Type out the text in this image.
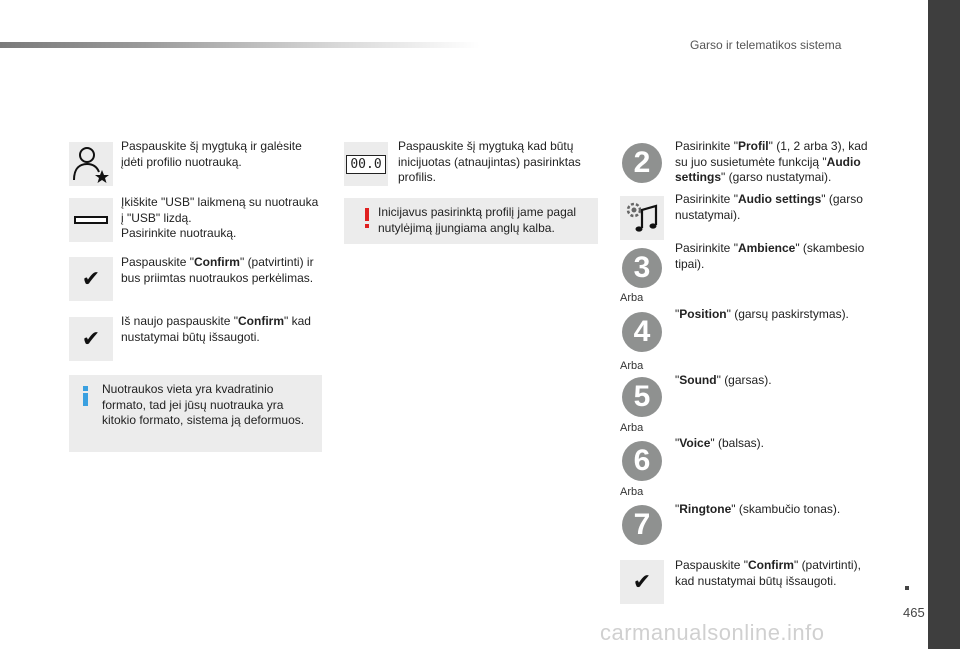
Garso ir telematikos sistema
465
Paspauskite šį mygtuką ir galėsite
įdėti profilio nuotrauką.
Įkiškite "USB" laikmeną su nuotrauka
į "USB" lizdą.
Pasirinkite nuotrauką.
✔
Paspauskite "Confirm" (patvirtinti) ir
bus priimtas nuotraukos perkėlimas.
✔
Iš naujo paspauskite "Confirm" kad
nustatymai būtų išsaugoti.
Nuotraukos vieta yra kvadratinio
formato, tad jei jūsų nuotrauka yra
kitokio formato, sistema ją deformuos.
00.0
Paspauskite šį mygtuką kad būtų
inicijuotas (atnaujintas) pasirinktas
profilis.
Inicijavus pasirinktą profilį jame pagal
nutylėjimą įjungiama anglų kalba.
2	Pasirinkite "Profil" (1, 2 arba 3), kad
su juo susietumėte funkciją "Audio
settings" (garso nustatymai).
Pasirinkite "Audio settings" (garso
nustatymai).
3
Pasirinkite "Ambience" (skambesio
tipai).
Arba
4
"Position" (garsų paskirstymas).
Arba
5	"Sound" (garsas).
Arba
6
"Voice" (balsas).
Arba
7	"Ringtone" (skambučio tonas).
✔
Paspauskite "Confirm" (patvirtinti),
kad nustatymai būtų išsaugoti.
carmanualsonline.info
